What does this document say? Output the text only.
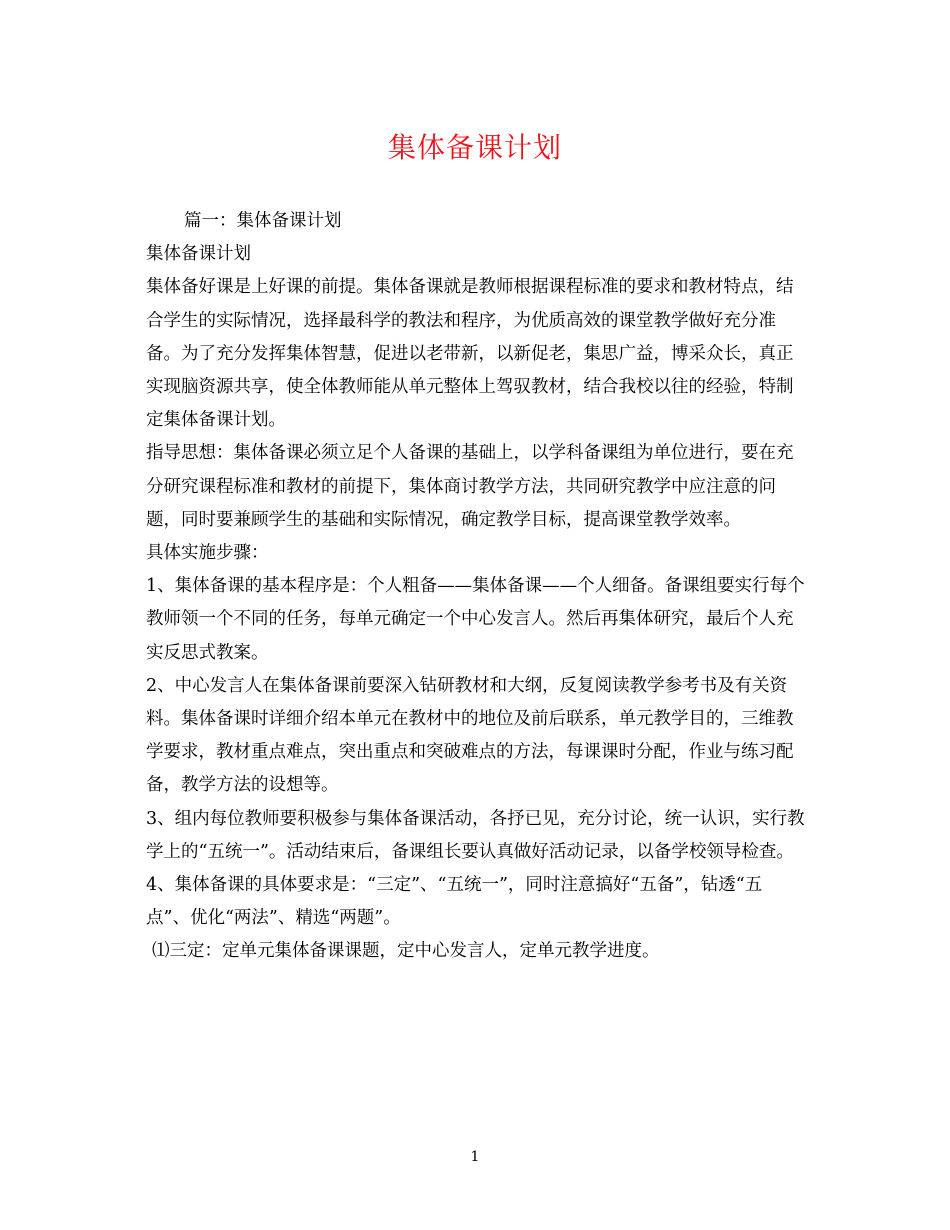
集体备课计划

篇一：集体备课计划

集体备课计划

集体备好课是上好课的前提。集体备课就是教师根据课程标准的要求和教材特点，结合学生的实际情况，选择最科学的教法和程序，为优质高效的课堂教学做好充分准备。为了充分发挥集体智慧，促进以老带新，以新促老，集思广益，博采众长，真正实现脑资源共享，使全体教师能从单元整体上驾驭教材，结合我校以往的经验，特制定集体备课计划。

指导思想：集体备课必须立足个人备课的基础上，以学科备课组为单位进行，要在充分研究课程标准和教材的前提下，集体商讨教学方法，共同研究教学中应注意的问题，同时要兼顾学生的基础和实际情况，确定教学目标，提高课堂教学效率。

具体实施步骤：

1、集体备课的基本程序是：个人粗备——集体备课——个人细备。备课组要实行每个教师领一个不同的任务，每单元确定一个中心发言人。然后再集体研究，最后个人充实反思式教案。

2、中心发言人在集体备课前要深入钻研教材和大纲，反复阅读教学参考书及有关资料。集体备课时详细介绍本单元在教材中的地位及前后联系，单元教学目的，三维教学要求，教材重点难点，突出重点和突破难点的方法，每课课时分配，作业与练习配备，教学方法的设想等。

3、组内每位教师要积极参与集体备课活动，各抒已见，充分讨论，统一认识，实行教学上的“五统一”。活动结束后，备课组长要认真做好活动记录，以备学校领导检查。

4、集体备课的具体要求是：“三定”、“五统一”，同时注意搞好“五备”，钻透“五点”、优化“两法”、精选“两题”。

⑴三定：定单元集体备课课题，定中心发言人，定单元教学进度。

1
